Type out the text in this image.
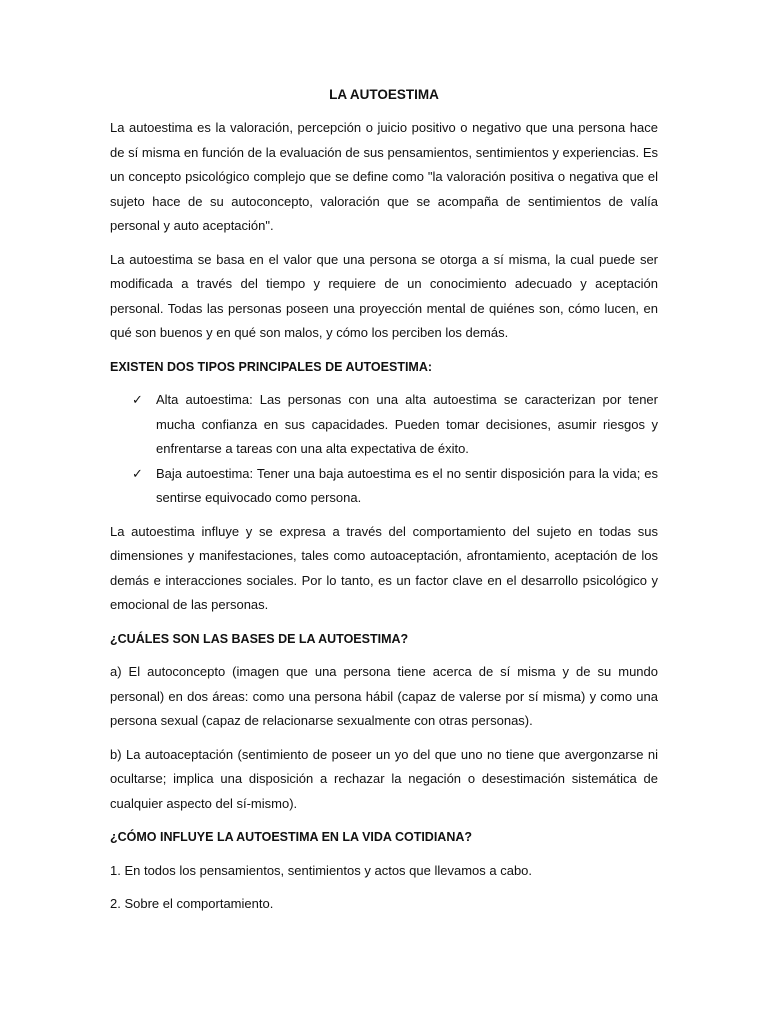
LA AUTOESTIMA

La autoestima es la valoración, percepción o juicio positivo o negativo que una persona hace de sí misma en función de la evaluación de sus pensamientos, sentimientos y experiencias. Es un concepto psicológico complejo que se define como "la valoración positiva o negativa que el sujeto hace de su autoconcepto, valoración que se acompaña de sentimientos de valía personal y auto aceptación".

La autoestima se basa en el valor que una persona se otorga a sí misma, la cual puede ser modificada a través del tiempo y requiere de un conocimiento adecuado y aceptación personal. Todas las personas poseen una proyección mental de quiénes son, cómo lucen, en qué son buenos y en qué son malos, y cómo los perciben los demás.

EXISTEN DOS TIPOS PRINCIPALES DE AUTOESTIMA:
✓ Alta autoestima: Las personas con una alta autoestima se caracterizan por tener mucha confianza en sus capacidades. Pueden tomar decisiones, asumir riesgos y enfrentarse a tareas con una alta expectativa de éxito.
✓ Baja autoestima: Tener una baja autoestima es el no sentir disposición para la vida; es sentirse equivocado como persona.

La autoestima influye y se expresa a través del comportamiento del sujeto en todas sus dimensiones y manifestaciones, tales como autoaceptación, afrontamiento, aceptación de los demás e interacciones sociales. Por lo tanto, es un factor clave en el desarrollo psicológico y emocional de las personas.

¿CUÁLES SON LAS BASES DE LA AUTOESTIMA?

a) El autoconcepto (imagen que una persona tiene acerca de sí misma y de su mundo personal) en dos áreas: como una persona hábil (capaz de valerse por sí misma) y como una persona sexual (capaz de relacionarse sexualmente con otras personas).

b) La autoaceptación (sentimiento de poseer un yo del que uno no tiene que avergonzarse ni ocultarse; implica una disposición a rechazar la negación o desestimación sistemática de cualquier aspecto del sí-mismo).

¿CÓMO INFLUYE LA AUTOESTIMA EN LA VIDA COTIDIANA?

1. En todos los pensamientos, sentimientos y actos que llevamos a cabo.

2. Sobre el comportamiento.
